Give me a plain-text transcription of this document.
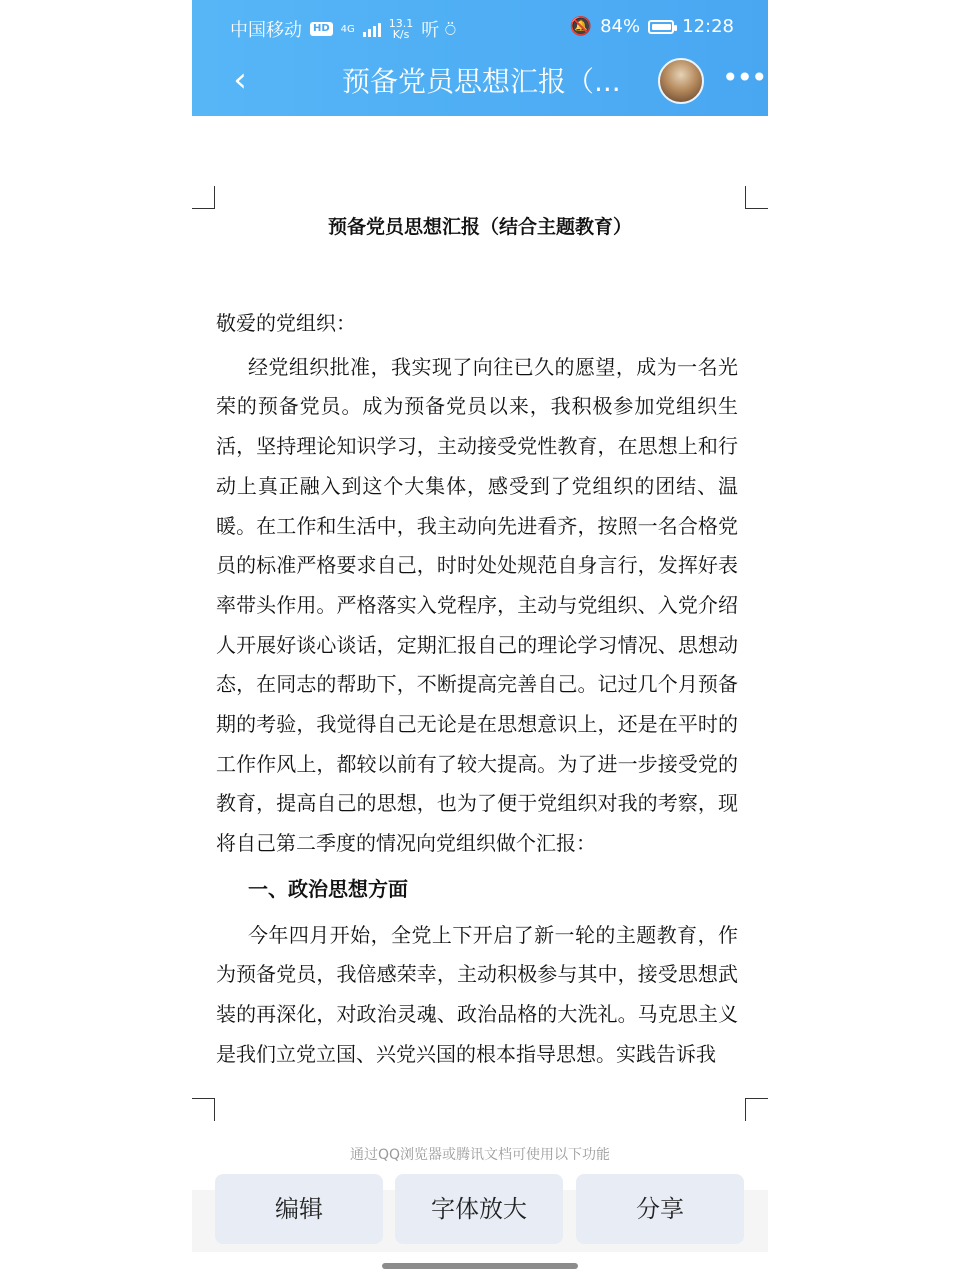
中国移动	HD	4G	13.1
K/s 听 ⍥	🔕 84% 12:28
‹	预备党员思想汇报（...	•••
预备党员思想汇报（结合主题教育）

敬爱的党组织：

经党组织批准，我实现了向往已久的愿望，成为一名光荣的预备党员。成为预备党员以来，我积极参加党组织生活，坚持理论知识学习，主动接受党性教育，在思想上和行动上真正融入到这个大集体，感受到了党组织的团结、温暖。在工作和生活中，我主动向先进看齐，按照一名合格党员的标准严格要求自己，时时处处规范自身言行，发挥好表率带头作用。严格落实入党程序，主动与党组织、入党介绍人开展好谈心谈话，定期汇报自己的理论学习情况、思想动态，在同志的帮助下，不断提高完善自己。记过几个月预备期的考验，我觉得自己无论是在思想意识上，还是在平时的工作作风上，都较以前有了较大提高。为了进一步接受党的教育，提高自己的思想，也为了便于党组织对我的考察，现将自己第二季度的情况向党组织做个汇报：

一、政治思想方面

今年四月开始，全党上下开启了新一轮的主题教育，作为预备党员，我倍感荣幸，主动积极参与其中，接受思想武装的再深化，对政治灵魂、政治品格的大洗礼。马克思主义是我们立党立国、兴党兴国的根本指导思想。实践告诉我

通过QQ浏览器或腾讯文档可使用以下功能
编辑	字体放大	分享
